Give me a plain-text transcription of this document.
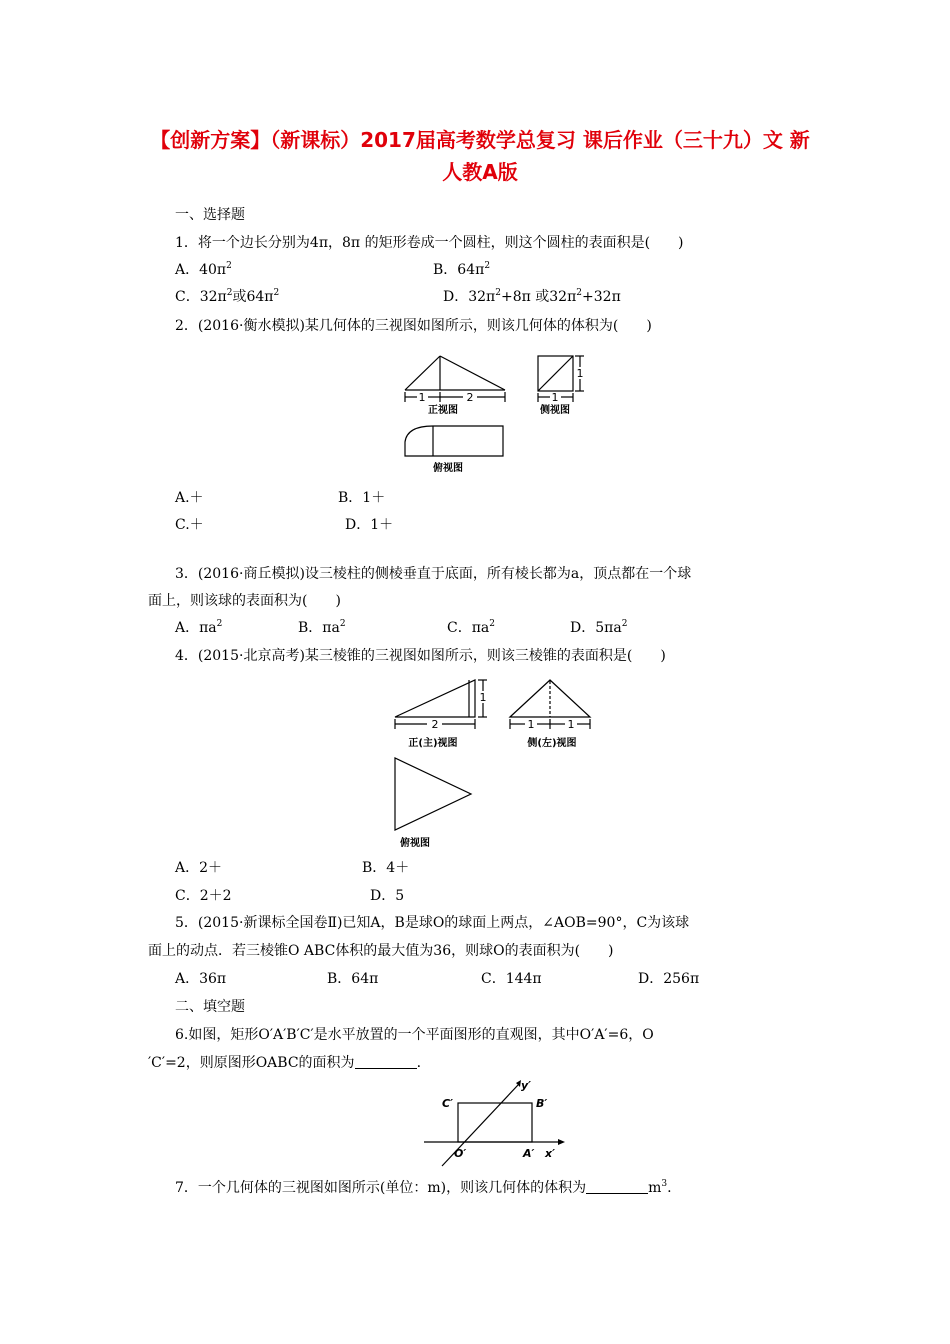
【创新方案】（新课标）2017届高考数学总复习 课后作业（三十九）文 新人教A版
一、选择题
1．将一个边长分别为4π，8π 的矩形卷成一个圆柱，则这个圆柱的表面积是(　　)
A．$40\pi^2$	B．$64\pi^2$
C．$32\pi^2$或$64\pi^2$	D．$32\pi^2+8\pi$ 或$32\pi^2+32\pi$
2．(2016·衡水模拟)某几何体的三视图如图所示，则该几何体的体积为(　　)
1	2	1
1
正视图	侧视图
俯视图
A.＋	B．1＋
C.＋	D．1＋
3．(2016·商丘模拟)设三棱柱的侧棱垂直于底面，所有棱长都为a，顶点都在一个球
面上，则该球的表面积为(　　)
A．$\pi a^2$	B．$\pi a^2$	C．$\pi a^2$	D．$5\pi a^2$
4．(2015·北京高考)某三棱锥的三视图如图所示，则该三棱锥的表面积是(　　)
2
1
1	1
正(主)视图	侧(左)视图
俯视图
A．2＋	B．4＋
C．2＋2	D．5
5．(2015·新课标全国卷Ⅱ)已知A，B是球O的球面上两点，∠AOB=90°，C为该球
面上的动点．若三棱锥O ABC体积的最大值为36，则球O的表面积为(　　)
A．36π	B．64π	C．144π	D．256π
二、填空题
6.如图，矩形O′A′B′C′是水平放置的一个平面图形的直观图，其中O′A′=6，O
′C′=2，则原图形OABC的面积为	.
C′	B′
O′	A′ x′
y′
7．一个几何体的三视图如图所示(单位：m)，则该几何体的体积为	$m^3$.
